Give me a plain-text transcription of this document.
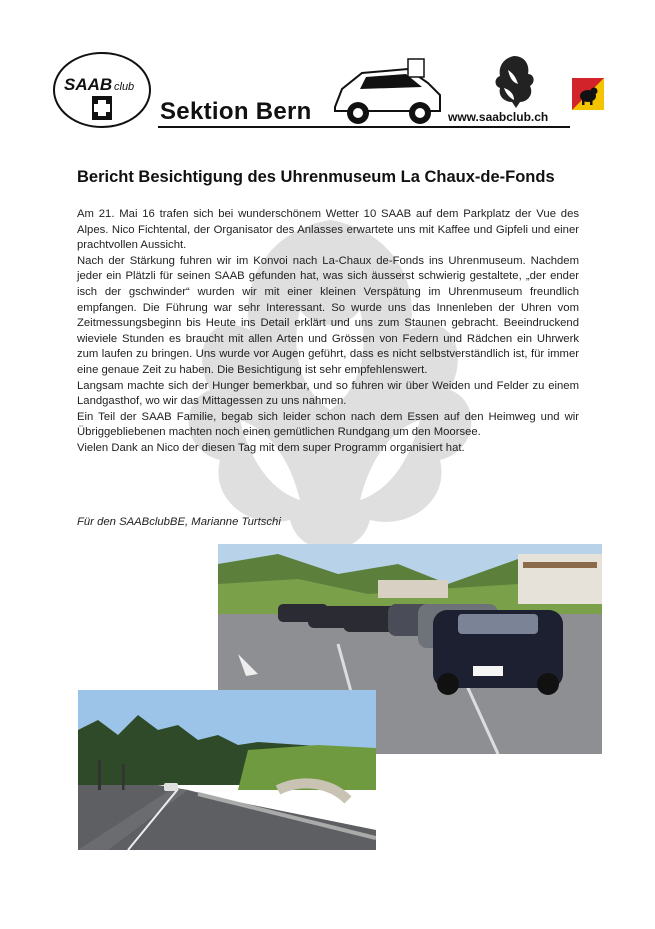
SAAB club
Sektion Bern	www.saabclub.ch
Bericht Besichtigung des Uhrenmuseum La Chaux-de-Fonds

Am 21. Mai 16 trafen sich bei wunderschönem Wetter 10 SAAB auf dem Parkplatz der Vue des Alpes. Nico Fichtental, der Organisator des Anlasses erwartete uns mit Kaffee und Gipfeli und einer prachtvollen Aussicht.

Nach der Stärkung fuhren wir im Konvoi nach La-Chaux de-Fonds ins Uhrenmuseum. Nachdem jeder ein Plätzli für seinen SAAB gefunden hat, was sich äusserst schwierig gestaltete, „der ender isch der gschwinder“ wurden wir mit einer kleinen Verspätung im Uhrenmuseum freundlich empfangen. Die Führung war sehr Interessant. So wurde uns das Innenleben der Uhren vom Zeitmessungsbeginn bis Heute ins Detail erklärt und uns zum Staunen gebracht. Beeindruckend wieviele Stunden es braucht mit allen Arten und Grössen von Federn und Rädchen ein Uhrwerk zum laufen zu bringen. Uns wurde vor Augen geführt, dass es nicht selbstverständlich ist, für immer eine genaue Zeit zu haben. Die Besichtigung ist sehr empfehlenswert.

Langsam machte sich der Hunger bemerkbar, und so fuhren wir über Weiden und Felder zu einem Landgasthof, wo wir das Mittagessen zu uns nahmen.

Ein Teil der SAAB Familie, begab sich leider schon nach dem Essen auf den Heimweg und wir Übriggebliebenen machten noch einen gemütlichen Rundgang um den Moorsee.

Vielen Dank an Nico der diesen Tag mit dem super Programm organisiert hat.

Für den SAABclubBE, Marianne Turtschi
